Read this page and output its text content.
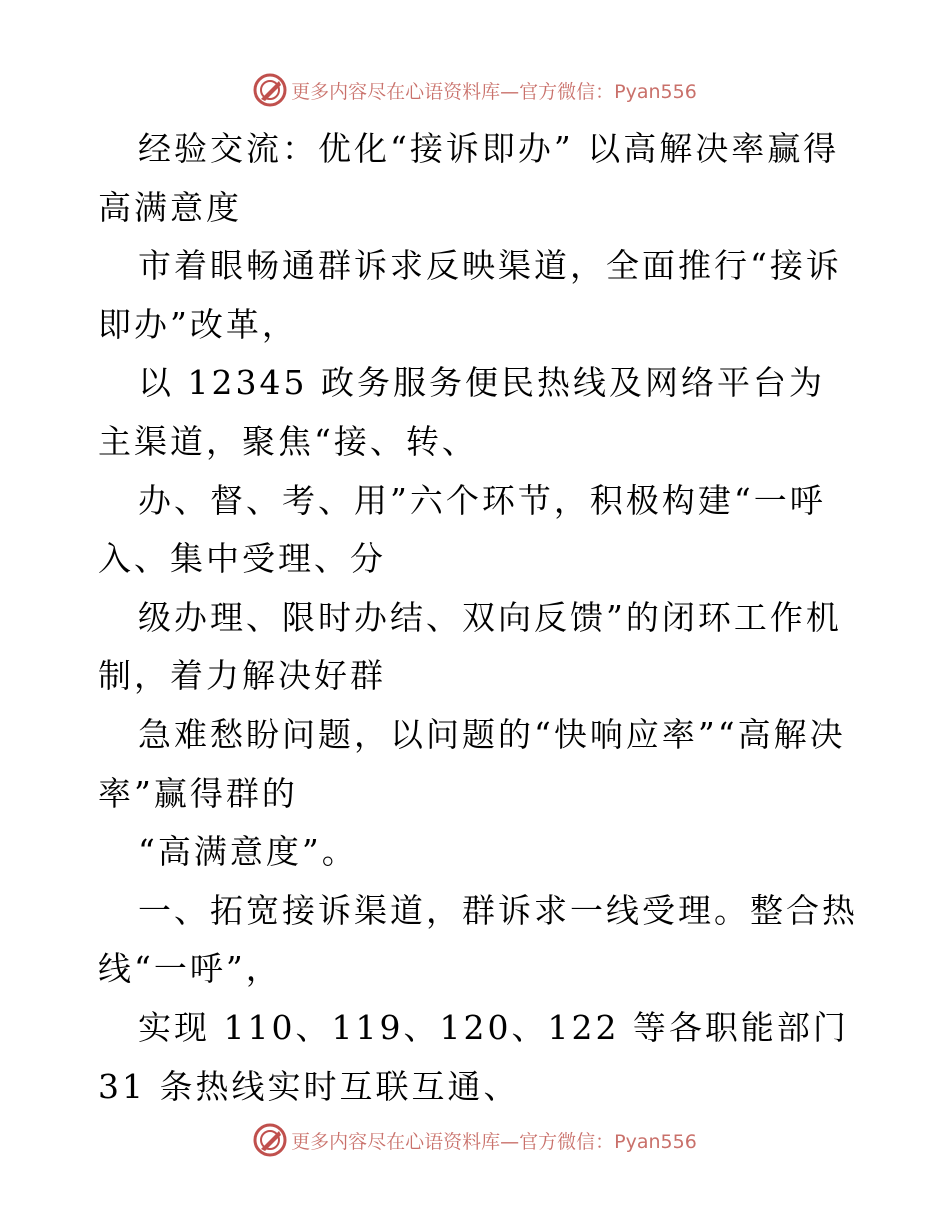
更多内容尽在心语资料库—官方微信：Pyan556

经验交流：优化“接诉即办” 以高解决率赢得高满意度

市着眼畅通群诉求反映渠道，全面推行“接诉即办”改革，

以 12345 政务服务便民热线及网络平台为主渠道，聚焦“接、转、

办、督、考、用”六个环节，积极构建“一呼入、集中受理、分

级办理、限时办结、双向反馈”的闭环工作机制，着力解决好群

急难愁盼问题，以问题的“快响应率”“高解决率”赢得群的

“高满意度”。

一、拓宽接诉渠道，群诉求一线受理。整合热线“一呼”，

实现 110、119、120、122 等各职能部门 31 条热线实时互联互通、

更多内容尽在心语资料库—官方微信：Pyan556
